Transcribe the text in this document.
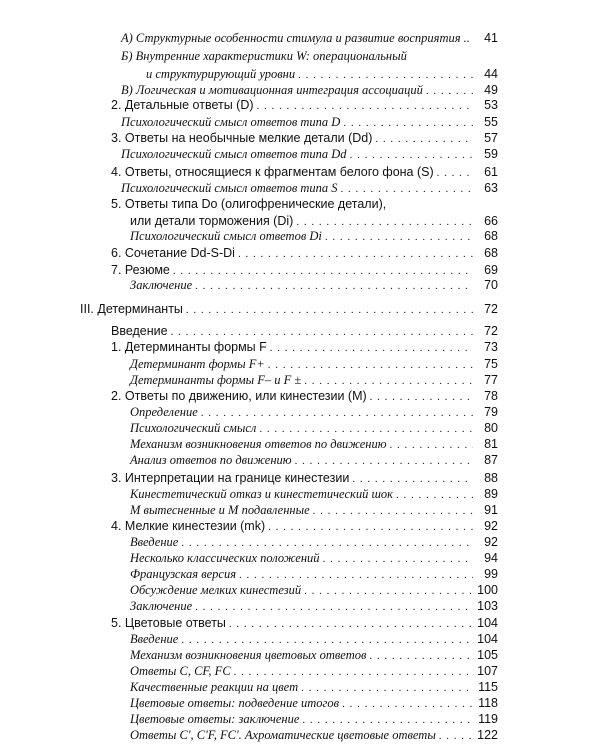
А) Структурные особенности стимула и развитие восприятия ..	41
Б) Внутренние характеристики W: операциональный
и структурирующий уровни . . .	44
В) Логическая и мотивационная интеграция ассоциаций . . .	49
2. Детальные ответы (D) . . .	53
Психологический смысл ответов типа D . . .	55
3. Ответы на необычные мелкие детали (Dd) . . .	57
Психологический смысл ответов типа Dd . . .	59
4. Ответы, относящиеся к фрагментам белого фона (S) . . .	61
Психологический смысл ответов типа S . . .	63
5. Ответы типа Do (олигофренические детали),
или детали торможения (Di) . . .	66
Психологический смысл ответов Di . . .	68
6. Сочетание Dd-S-Di . . .	68
7. Резюме . . .	69
Заключение . . .	70
III. Детерминанты . . .	72
Введение . . .	72
1. Детерминанты формы F . . .	73
Детерминант формы F+ . . .	75
Детерминанты формы F– и F ± . . .	77
2. Ответы по движению, или кинестезии (M) . . .	78
Определение . . .	79
Психологический смысл . . .	80
Механизм возникновения ответов по движению . . .	81
Анализ ответов по движению . . .	87
3. Интерпретации на границе кинестезии . . .	88
Кинестетический отказ и кинестетический шок . . .	89
M вытесненные и M подавленные . . .	91
4. Мелкие кинестезии (mk) . . .	92
Введение . . .	92
Несколько классических положений . . .	94
Французская версия . . .	99
Обсуждение мелких кинестезий . . .	100
Заключение . . .	103
5. Цветовые ответы . . .	104
Введение . . .	104
Механизм возникновения цветовых ответов . . .	105
Ответы C, CF, FC . . .	107
Качественные реакции на цвет . . .	115
Цветовые ответы: подведение итогов . . .	118
Цветовые ответы: заключение . . .	119
Ответы C', C'F, FC'. Ахроматические цветовые ответы . . .	122
